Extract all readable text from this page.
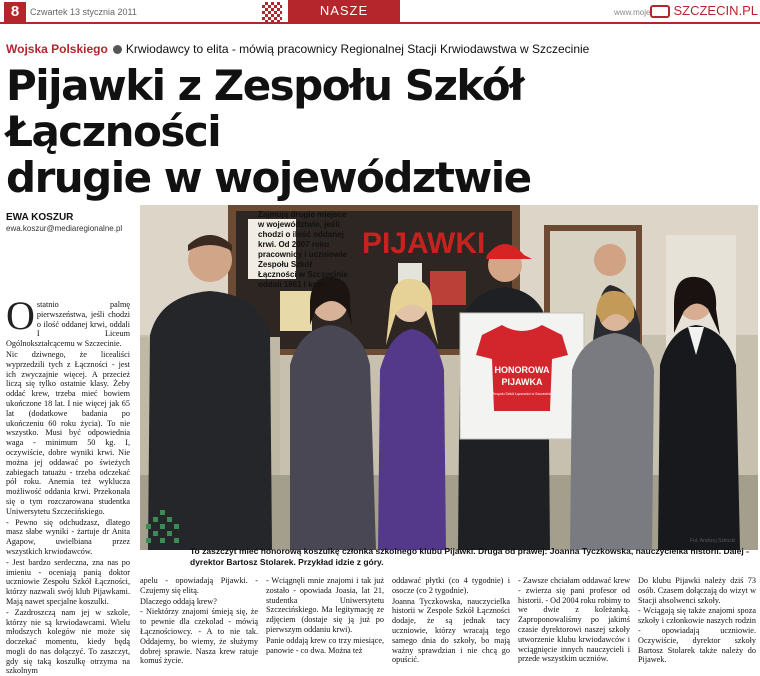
8	Czwartek 13 stycznia 2011	NASZE OSIEDLA
www.moje SZCZECIN.PL
Wojska Polskiego Krwiodawcy to elita - mówią pracownicy Regionalnej Stacji Krwiodawstwa w Szczecinie
Pijawki z Zespołu Szkół Łączności
drugie w województwie
EWA KOSZUR
ewa.koszur@mediaregionalne.pl	PIJAWKI
HONOROWA
PIJAWKA
Zespołu Szkół Łączności w Szczecinie
Fot. Andrzej Szkocki
To zaszczyt mieć honorową koszulkę członka szkolnego klubu Pijawki. Druga od prawej: Joanna Tyczkowska, nauczycielka historii. Dalej - dyrektor Bartosz Stolarek. Przykład idzie z góry.
Zajmują drugie miejsce w województwie, jeśli chodzi o ilość oddanej krwi. Od 2007 roku pracownicy i uczniowie Zespołu Szkół Łączności w Szczecinie oddali 1861 l krwi.

Ostatnio palmę pierwszeństwa, jeśli chodzi o ilość oddanej krwi, oddali I Liceum Ogólnokształcącemu w Szczecinie.

Nic dziwnego, że licealiści wyprzedzili tych z Łączności - jest ich zwyczajnie więcej. A przecież liczą się tylko ostatnie klasy. Żeby oddać krew, trzeba mieć bowiem ukończone 18 lat. I nie więcej jak 65 lat (dodatkowe badania po ukończeniu 60 roku życia). To nie wszystko. Musi być odpowiednia waga - minimum 50 kg. I, oczywiście, dobre wyniki krwi. Nie można jej oddawać po świeżych zabiegach tatuażu - trzeba odczekać pół roku. Anemia też wyklucza możliwość oddania krwi. Przekonała się o tym rozczarowana studentka Uniwersytetu Szczecińskiego.

- Pewno się odchudzasz, dlatego masz słabe wyniki - żartuje dr Anita Agapow, uwielbiana przez wszystkich krwiodawców.

- Jest bardzo serdeczna, zna nas po imieniu - oceniają panią doktor uczniowie Zespołu Szkół Łączności, którzy nazwali swój klub Pijawkami. Mają nawet specjalne koszulki.

- Zazdroszczą nam jej w szkole, którzy nie są krwiodawcami. Wielu młodszych kolegów nie może się doczekać momentu, kiedy będą mogli do nas dołączyć. To zaszczyt, gdy się taką koszulkę otrzyma na szkolnym

apelu - opowiadają Pijawki. - Czujemy się elitą.

Dlaczego oddają krew?

- Niektórzy znajomi śmieją się, że to pewnie dla czekolad - mówią Łącznościowcy. - A to nie tak. Oddajemy, bo wiemy, że służymy dobrej sprawie. Nasza krew ratuje komuś życie.

- Wciągnęli mnie znajomi i tak już zostało - opowiada Joasia, lat 21, studentka Uniwersytetu Szczecińskiego. Ma legitymację ze zdjęciem (dostaje się ją już po pierwszym oddaniu krwi).

Panie oddają krew co trzy miesiące, panowie - co dwa. Można też

oddawać płytki (co 4 tygodnie) i osocze (co 2 tygodnie).

Joanna Tyczkowska, nauczycielka historii w Zespole Szkół Łączności dodaje, że są jednak tacy uczniowie, którzy wracają tego samego dnia do szkoły, bo mają ważny sprawdzian i nie chcą go opuścić.

- Zawsze chciałam oddawać krew - zwierza się pani profesor od historii. - Od 2004 roku robimy to we dwie z koleżanką. Zaproponowaliśmy po jakimś czasie dyrektorowi naszej szkoły utworzenie klubu krwiodawców i wciągnięcie innych nauczycieli i przede wszystkim uczniów.

Do klubu Pijawki należy dziś 73 osób. Czasem dołączają do wizyt w Stacji absolwenci szkoły.

- Wciągają się także znajomi spoza szkoły i członkowie naszych rodzin - opowiadają uczniowie. Oczywiście, dyrektor szkoły Bartosz Stolarek także należy do Pijawek.
